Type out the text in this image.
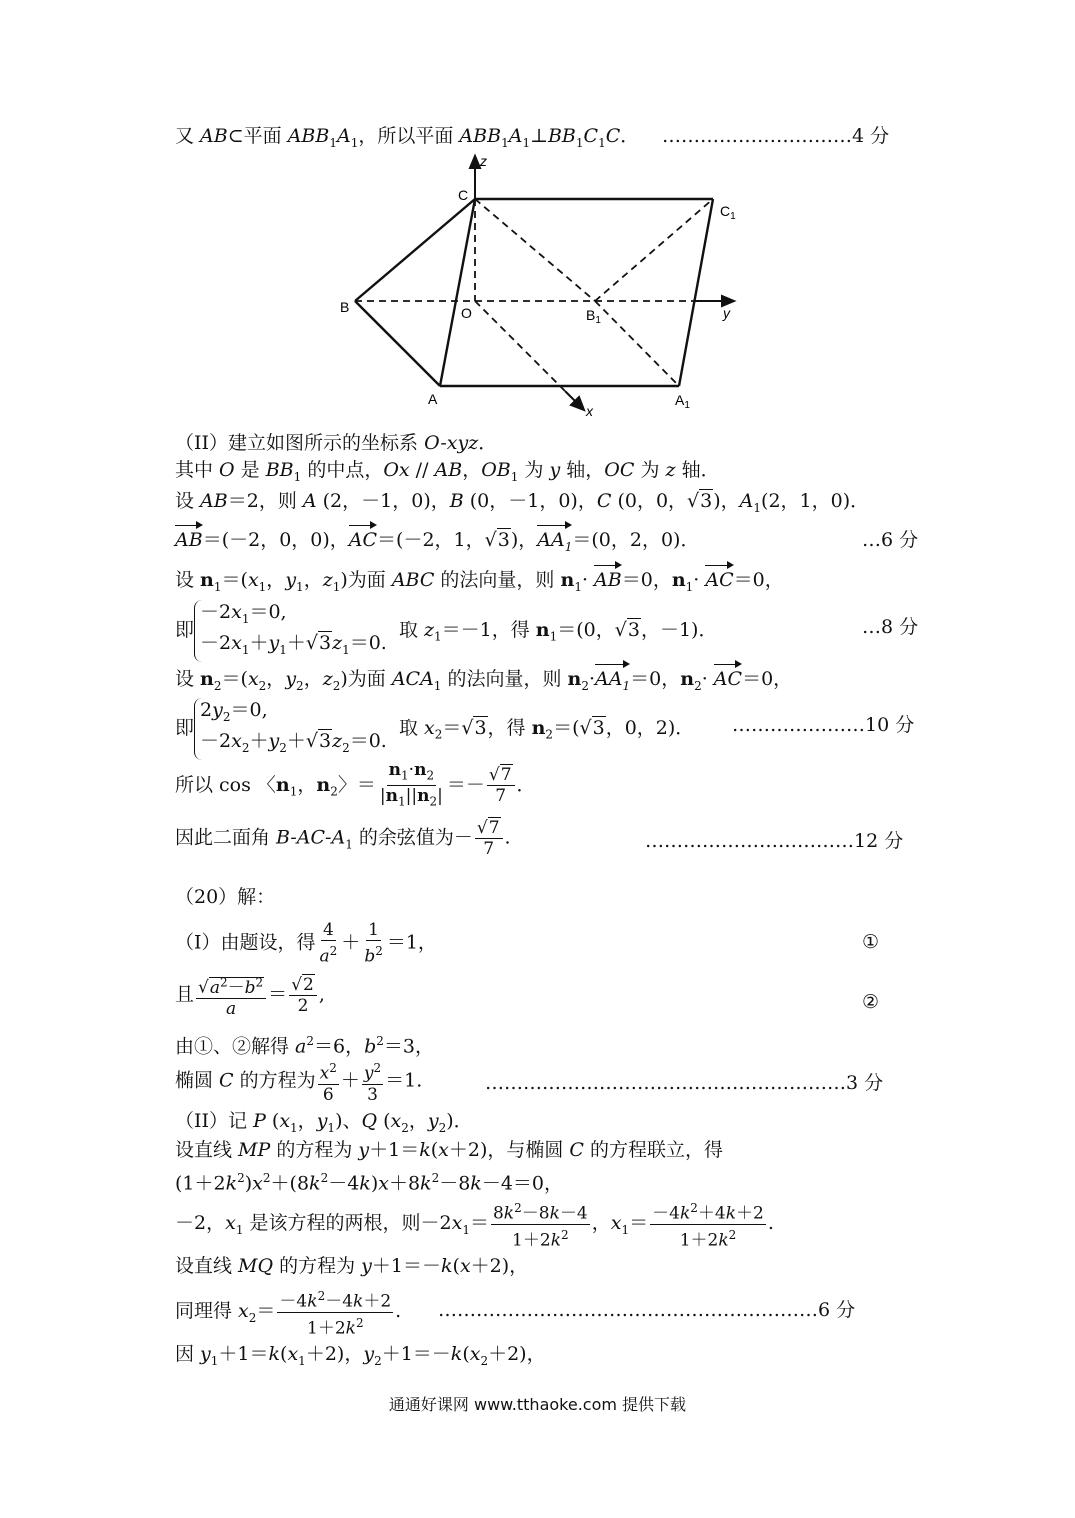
又 AB⊂平面 $ABB_1A_1$，所以平面 $ABB_1A_1\perp BB_1C_1C$． …………………………4 分
z
C
$C_1$
B	O	$B_1$	y
A	$A_1$
x
（II）建立如图所示的坐标系 O-xyz．
其中 O 是 $BB_1$ 的中点，Ox // AB，$OB_1$ 为 y 轴，OC 为 z 轴．
设 AB＝2，则 A (2，－1，0)，B (0，－1，0)，C (0，0，√3)，$A_1(2$，1，0)．
AB＝(－2，0，0)，AC＝(－2，1，√3)，$AA_1=(0$，2，0)．	…6 分
设 $n_1=(x_1$，$y_1$，$z_1$)为面 ABC 的法向量，则 $n_1\cdot AB=0$，$n_1\cdot AC=0$，
即$-2x_1=0$,
$-2x_1+y_1+√3z_1=0$.  取 $z_1=-1$，得 $n_1=(0$，√3，－1)．	…8 分
设 $n_2=(x_2$，$y_2$，$z_2$)为面 $ACA_1$ 的法向量，则 $n_2\cdot AA_1=0$，$n_2\cdot AC=0$，
即$2y_2=0$,
$-2x_2+y_2+√3z_2=0$.  取 $x_2=√3$，得 $n_2=(√3$，0，2)． …………………10 分
所以 cos 〈$n_1$，$n_2$〉＝ $\frac{n_1\cdot n_2}{|n_1||n_2|} =- \frac{√7}{7}$ ．
因此二面角 $B-AC-A_1$ 的余弦值为－ $\frac{√7}{7}$ .	……………………………12 分
（20）解：
（I）由题设，得 $\frac{4}{a^2} + \frac{1}{b^2} =1$，	①
且 $\frac{√a^2-b^2}{a} = \frac{√2}{2}$ ,	②
由①、②解得 $a^2=6$，$b^2=3$，
椭圆 C 的方程为 $\frac{x^2}{6} + \frac{y^2}{3} =1$.	…………………………………………………3 分
（II）记 P ($x_1$，$y_1$)、Q ($x_2$，$y_2$)．
设直线 MP 的方程为 y＋1＝k(x＋2)，与椭圆 C 的方程联立，得
$(1+2k^2)x^2+(8k^2-4k)x+8k^2-8k-4=0$，
－2，$x_1$ 是该方程的两根，则$-2x_1= \frac{8k^2-8k-4}{1+2k^2}$ ，$x_1= \frac{-4k^2+4k+2}{1+2k^2}$ .
设直线 MQ 的方程为 y＋1＝－k(x＋2)，
同理得 $x_2= \frac{-4k^2-4k+2}{1+2k^2}$ . ……………………………………………………6 分
因 $y_1+1=k(x_1+2)$，$y_2+1=-k(x_2+2)$，
通通好课网 www.tthaoke.com 提供下载
